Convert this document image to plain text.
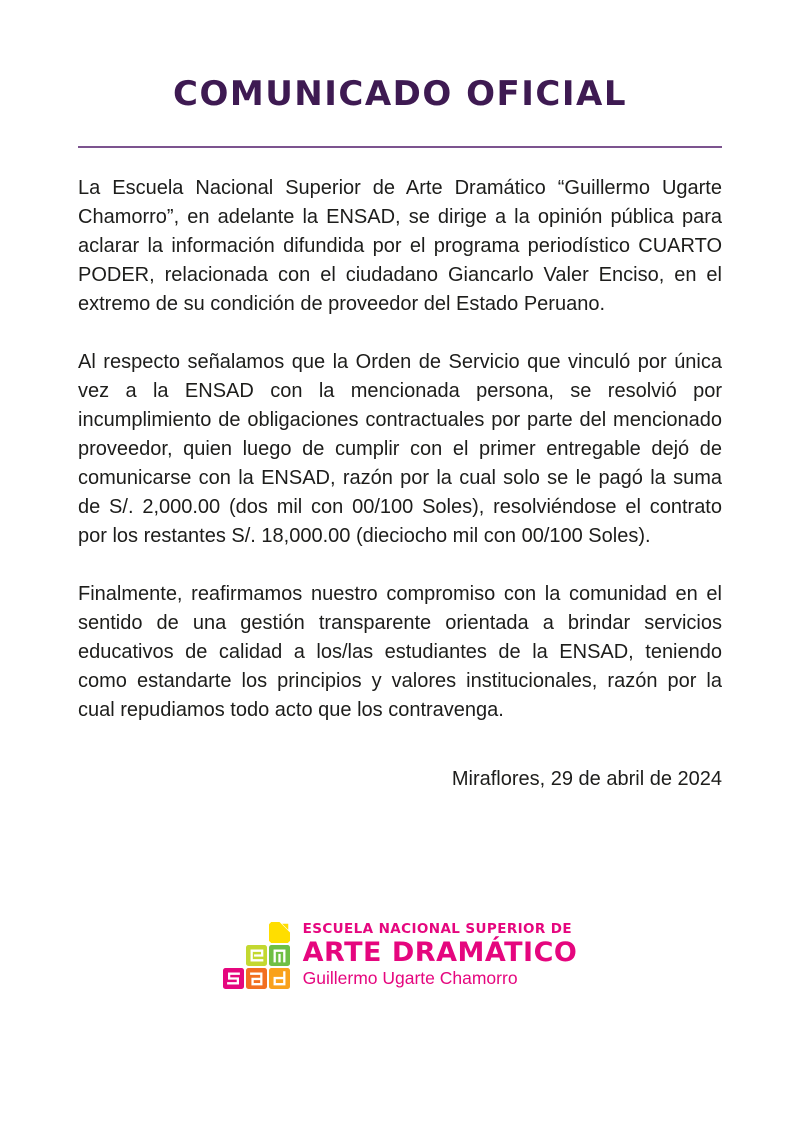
COMUNICADO OFICIAL

La Escuela Nacional Superior de Arte Dramático “Guillermo Ugarte Chamorro”, en adelante la ENSAD, se dirige a la opinión pública para aclarar la información difundida por el programa periodístico CUARTO PODER, relacionada con el ciudadano Giancarlo Valer Enciso, en el extremo de su condición de proveedor del Estado Peruano.

Al respecto señalamos que la Orden de Servicio que vinculó por única vez a la ENSAD con la mencionada persona, se resolvió por incumplimiento de obligaciones contractuales por parte del mencionado proveedor, quien luego de cumplir con el primer entregable dejó de comunicarse con la ENSAD, razón por la cual solo se le pagó la suma de S/. 2,000.00 (dos mil con 00/100 Soles), resolviéndose el contrato por los restantes S/. 18,000.00 (dieciocho mil con 00/100 Soles).

Finalmente, reafirmamos nuestro compromiso con la comunidad en el sentido de una gestión transparente orientada a brindar servicios educativos de calidad a los/las estudiantes de la ENSAD, teniendo como estandarte los principios y valores institucionales, razón por la cual repudiamos todo acto que los contravenga.

Miraflores, 29 de abril de 2024
ESCUELA NACIONAL SUPERIOR DE
ARTE DRAMÁTICO
Guillermo Ugarte Chamorro
